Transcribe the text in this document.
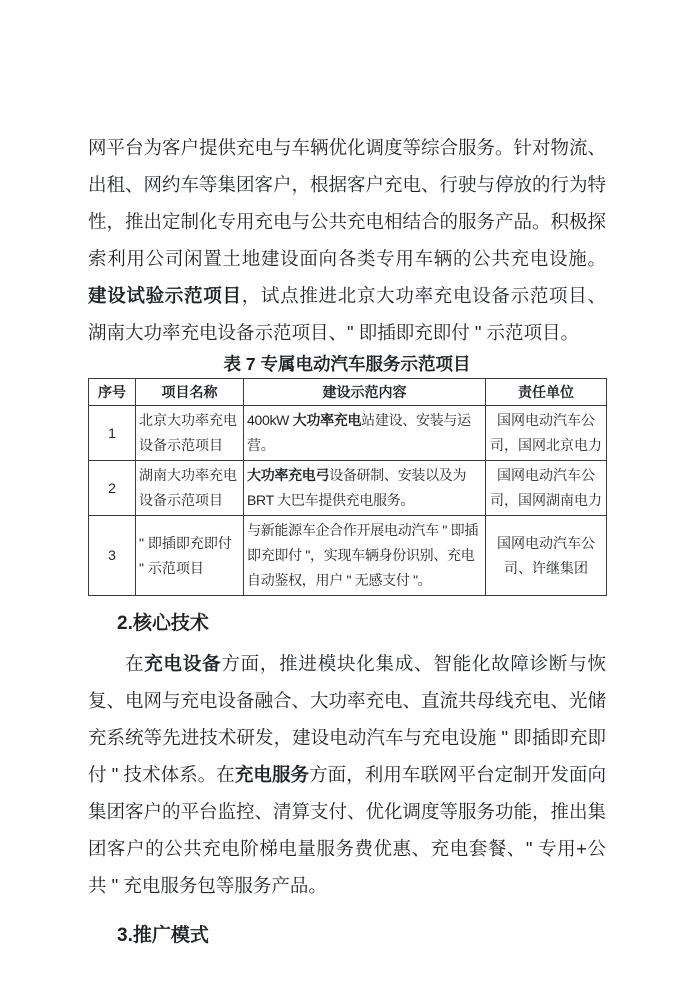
网平台为客户提供充电与车辆优化调度等综合服务。针对物流、出租、网约车等集团客户，根据客户充电、行驶与停放的行为特性，推出定制化专用充电与公共充电相结合的服务产品。积极探索利用公司闲置土地建设面向各类专用车辆的公共充电设施。建设试验示范项目，试点推进北京大功率充电设备示范项目、湖南大功率充电设备示范项目、" 即插即充即付 " 示范项目。

表 7 专属电动汽车服务示范项目

序号	项目名称	建设示范内容	责任单位
1	北京大功率充电设备示范项目	400kW 大功率充电站建设、安装与运营。	国网电动汽车公司，国网北京电力
2	湖南大功率充电设备示范项目	大功率充电弓设备研制、安装以及为 BRT 大巴车提供充电服务。	国网电动汽车公司，国网湖南电力
3	" 即插即充即付 " 示范项目	与新能源车企合作开展电动汽车 " 即插即充即付 "，实现车辆身份识别、充电自动鉴权，用户 " 无感支付 "。	国网电动汽车公司、许继集团
2.核心技术

在充电设备方面，推进模块化集成、智能化故障诊断与恢复、电网与充电设备融合、大功率充电、直流共母线充电、光储充系统等先进技术研发，建设电动汽车与充电设施 " 即插即充即付 " 技术体系。在充电服务方面，利用车联网平台定制开发面向集团客户的平台监控、清算支付、优化调度等服务功能，推出集团客户的公共充电阶梯电量服务费优惠、充电套餐、" 专用+公共 " 充电服务包等服务产品。

3.推广模式
